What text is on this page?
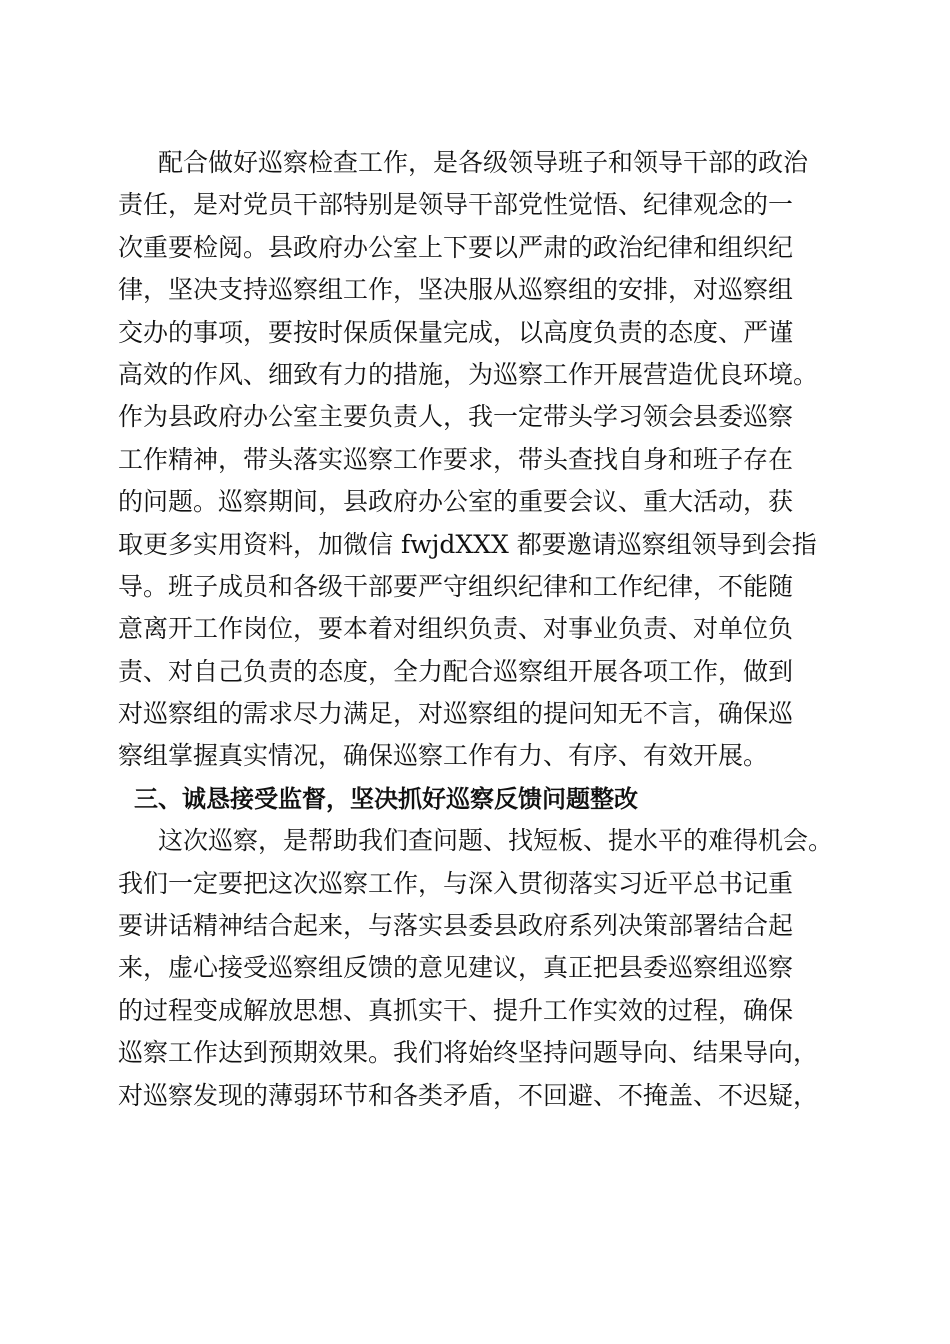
配合做好巡察检查工作，是各级领导班子和领导干部的政治
责任，是对党员干部特别是领导干部党性觉悟、纪律观念的一
次重要检阅。县政府办公室上下要以严肃的政治纪律和组织纪
律，坚决支持巡察组工作，坚决服从巡察组的安排，对巡察组
交办的事项，要按时保质保量完成，以高度负责的态度、严谨
高效的作风、细致有力的措施，为巡察工作开展营造优良环境。
作为县政府办公室主要负责人，我一定带头学习领会县委巡察
工作精神，带头落实巡察工作要求，带头查找自身和班子存在
的问题。巡察期间，县政府办公室的重要会议、重大活动，获
取更多实用资料，加微信 fwjdXXX 都要邀请巡察组领导到会指
导。班子成员和各级干部要严守组织纪律和工作纪律，不能随
意离开工作岗位，要本着对组织负责、对事业负责、对单位负
责、对自己负责的态度，全力配合巡察组开展各项工作，做到
对巡察组的需求尽力满足，对巡察组的提问知无不言，确保巡
察组掌握真实情况，确保巡察工作有力、有序、有效开展。
三、诚恳接受监督，坚决抓好巡察反馈问题整改
这次巡察，是帮助我们查问题、找短板、提水平的难得机会。
我们一定要把这次巡察工作，与深入贯彻落实习近平总书记重
要讲话精神结合起来，与落实县委县政府系列决策部署结合起
来，虚心接受巡察组反馈的意见建议，真正把县委巡察组巡察
的过程变成解放思想、真抓实干、提升工作实效的过程，确保
巡察工作达到预期效果。我们将始终坚持问题导向、结果导向，
对巡察发现的薄弱环节和各类矛盾，不回避、不掩盖、不迟疑，
